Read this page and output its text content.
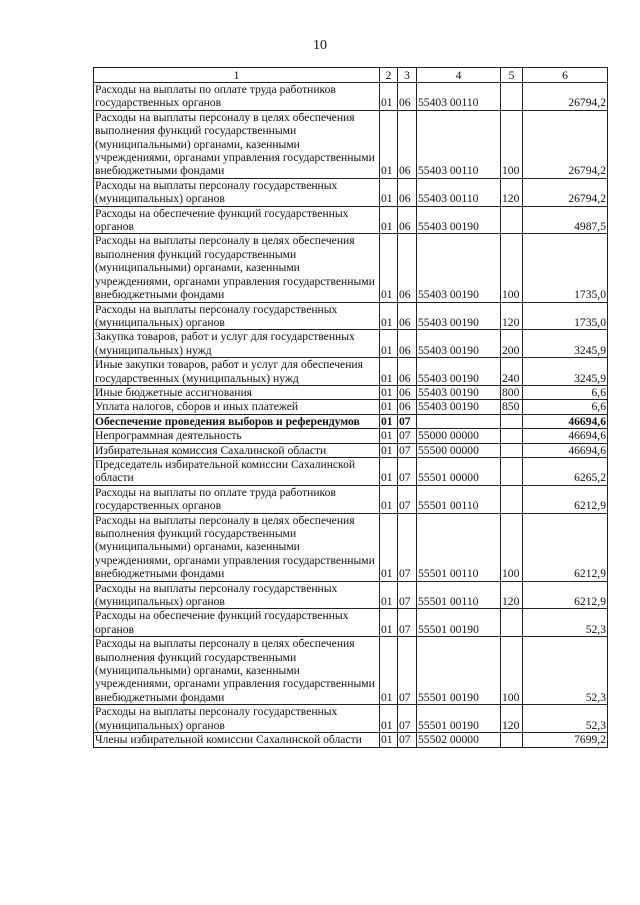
10
1	2	3	4	5	6
Расходы на выплаты по оплате труда работников государственных органов	01	06	55403 00110		26794,2
Расходы на выплаты персоналу в целях обеспечения выполнения функций государственными (муниципальными) органами, казенными учреждениями, органами управления государственными внебюджетными фондами	01	06	55403 00110	100	26794,2
Расходы на выплаты персоналу государственных (муниципальных) органов	01	06	55403 00110	120	26794,2
Расходы на обеспечение функций государственных органов	01	06	55403 00190		4987,5
Расходы на выплаты персоналу в целях обеспечения выполнения функций государственными (муниципальными) органами, казенными учреждениями, органами управления государственными внебюджетными фондами	01	06	55403 00190	100	1735,0
Расходы на выплаты персоналу государственных (муниципальных) органов	01	06	55403 00190	120	1735,0
Закупка товаров, работ и услуг для государственных (муниципальных) нужд	01	06	55403 00190	200	3245,9
Иные закупки товаров, работ и услуг для обеспечения государственных (муниципальных) нужд	01	06	55403 00190	240	3245,9
Иные бюджетные ассигнования	01	06	55403 00190	800	6,6
Уплата налогов, сборов и иных платежей	01	06	55403 00190	850	6,6
Обеспечение проведения выборов и референдумов	01	07			46694,6
Непрограммная деятельность	01	07	55000 00000		46694,6
Избирательная комиссия Сахалинской области	01	07	55500 00000		46694,6
Председатель избирательной комиссии Сахалинской области	01	07	55501 00000		6265,2
Расходы на выплаты по оплате труда работников государственных органов	01	07	55501 00110		6212,9
Расходы на выплаты персоналу в целях обеспечения выполнения функций государственными (муниципальными) органами, казенными учреждениями, органами управления государственными внебюджетными фондами	01	07	55501 00110	100	6212,9
Расходы на выплаты персоналу государственных (муниципальных) органов	01	07	55501 00110	120	6212,9
Расходы на обеспечение функций государственных органов	01	07	55501 00190		52,3
Расходы на выплаты персоналу в целях обеспечения выполнения функций государственными (муниципальными) органами, казенными учреждениями, органами управления государственными внебюджетными фондами	01	07	55501 00190	100	52,3
Расходы на выплаты персоналу государственных (муниципальных) органов	01	07	55501 00190	120	52,3
Члены избирательной комиссии Сахалинской области	01	07	55502 00000		7699,2
